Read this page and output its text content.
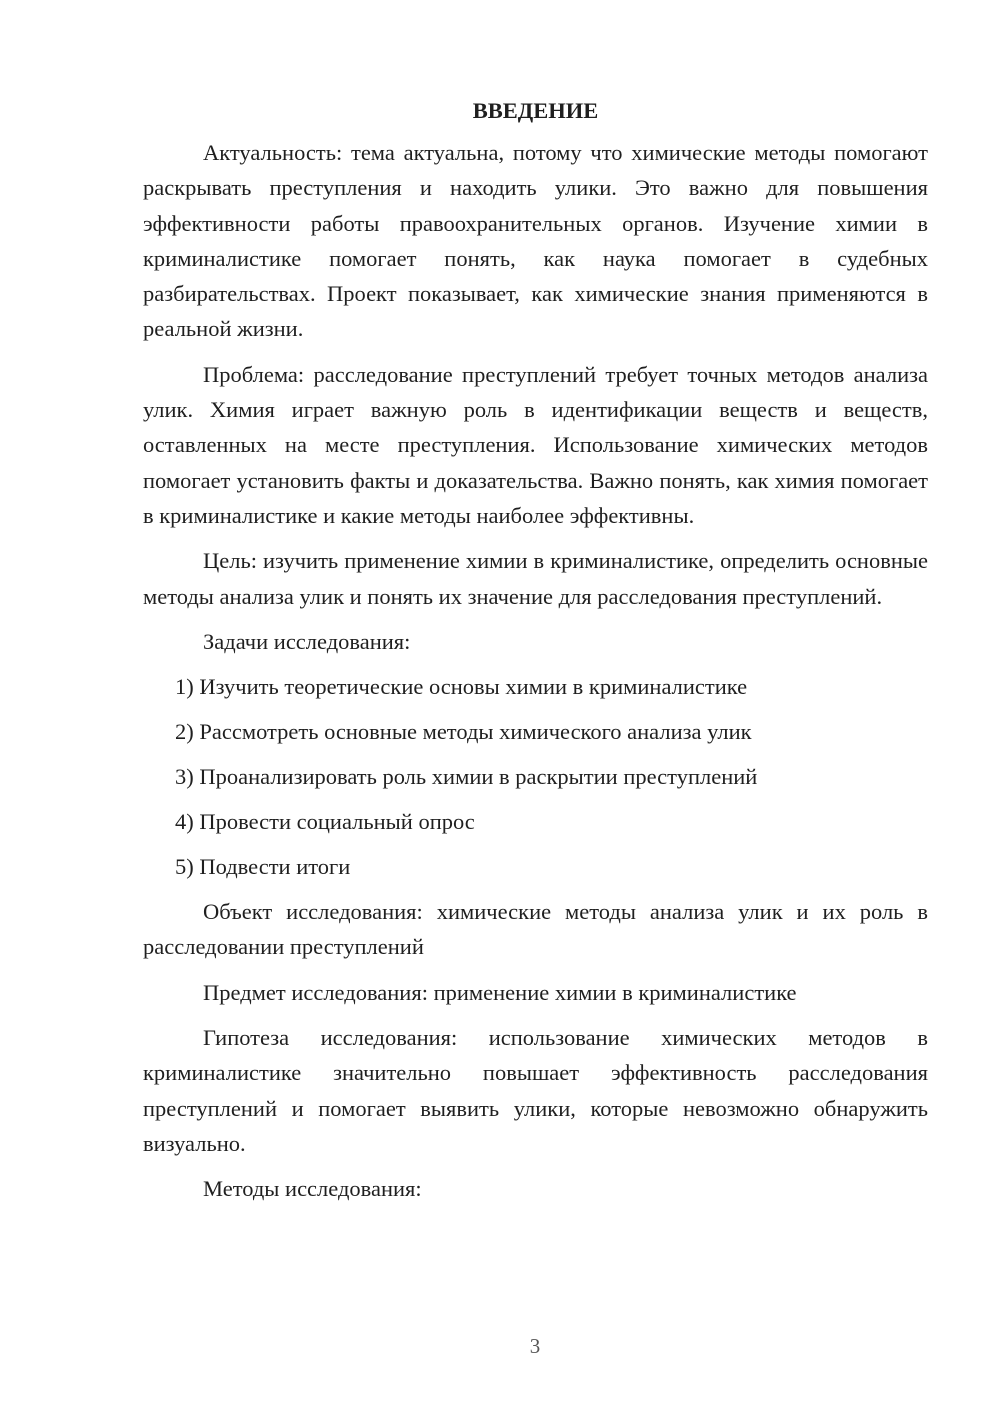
ВВЕДЕНИЕ

Актуальность: тема актуальна, потому что химические методы помогают раскрывать преступления и находить улики. Это важно для повышения эффективности работы правоохранительных органов. Изучение химии в криминалистике помогает понять, как наука помогает в судебных разбирательствах. Проект показывает, как химические знания применяются в реальной жизни.

Проблема: расследование преступлений требует точных методов анализа улик. Химия играет важную роль в идентификации веществ и веществ, оставленных на месте преступления. Использование химических методов помогает установить факты и доказательства. Важно понять, как химия помогает в криминалистике и какие методы наиболее эффективны.

Цель: изучить применение химии в криминалистике, определить основные методы анализа улик и понять их значение для расследования преступлений.

Задачи исследования:

1) Изучить теоретические основы химии в криминалистике
2) Рассмотреть основные методы химического анализа улик
3) Проанализировать роль химии в раскрытии преступлений
4) Провести социальный опрос
5) Подвести итоги

Объект исследования: химические методы анализа улик и их роль в расследовании преступлений

Предмет исследования: применение химии в криминалистике

Гипотеза исследования: использование химических методов в криминалистике значительно повышает эффективность расследования преступлений и помогает выявить улики, которые невозможно обнаружить визуально.

Методы исследования:

3
